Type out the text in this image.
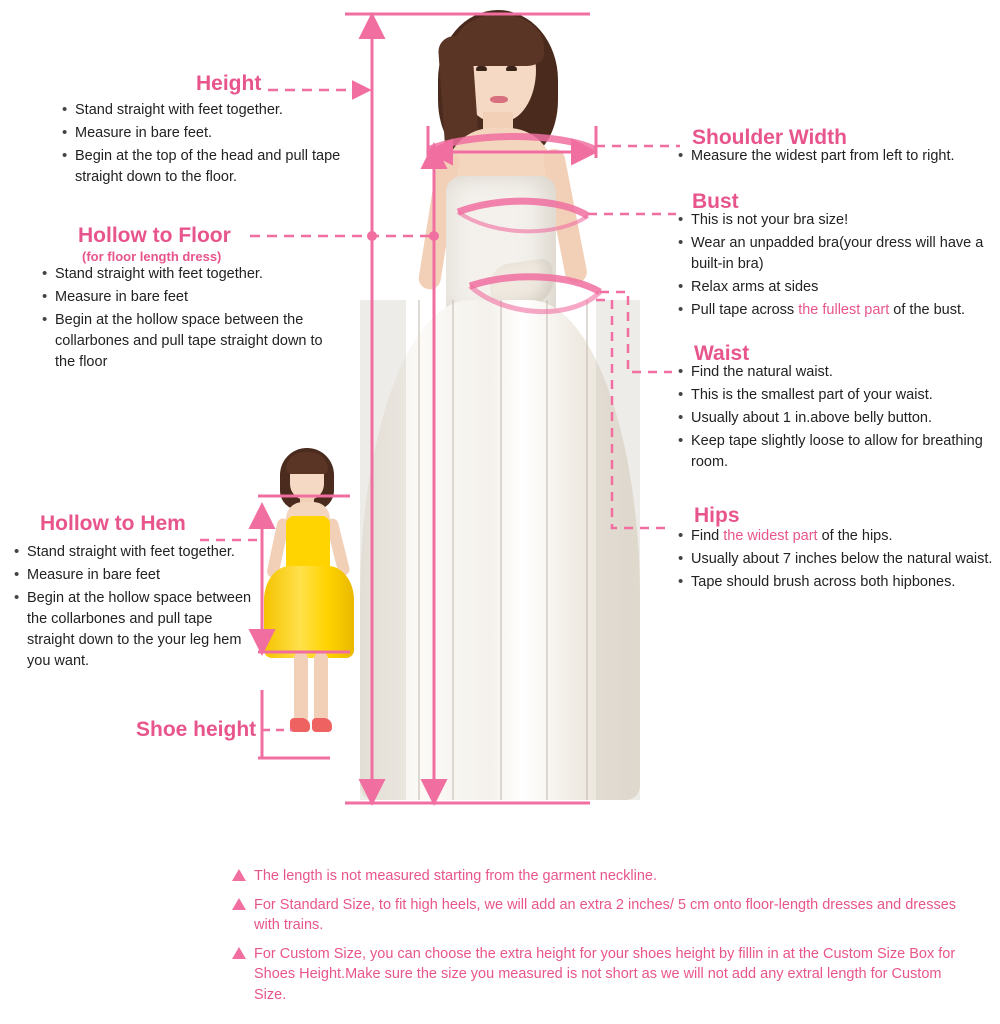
Height
• Stand straight with feet together.
• Measure in bare feet.
• Begin at the top of the head and pull tape straight down to the floor.
Hollow to Floor
(for floor length dress)
• Stand straight with feet together.
• Measure in bare feet
• Begin at the hollow space between the collarbones and pull tape straight down to the floor
Hollow to Hem
• Stand straight with feet together.
• Measure in bare feet
• Begin at the hollow space between the collarbones and pull tape straight down to the your leg hem you want.
Shoe height
Shoulder Width
• Measure the widest part from left to right.
Bust
• This is not your bra size!
• Wear an unpadded bra(your dress will have a built-in bra)
• Relax arms at sides
• Pull tape across the fullest part of the bust.
Waist
• Find the natural waist.
• This is the smallest part of your waist.
• Usually about 1 in.above belly button.
• Keep tape slightly loose to allow for breathing room.
Hips
• Find the widest part of the hips.
• Usually about 7 inches below the natural waist.
• Tape should brush across both hipbones.
The length is not measured starting from the garment neckline.
For Standard Size, to fit high heels, we will add an extra 2 inches/ 5 cm onto floor-length dresses and dresses with trains.
For Custom Size, you can choose the extra height for your shoes height by fillin in at the Custom Size Box for Shoes Height.Make sure the size you measured is not short as we will not add any extral length for Custom Size.
